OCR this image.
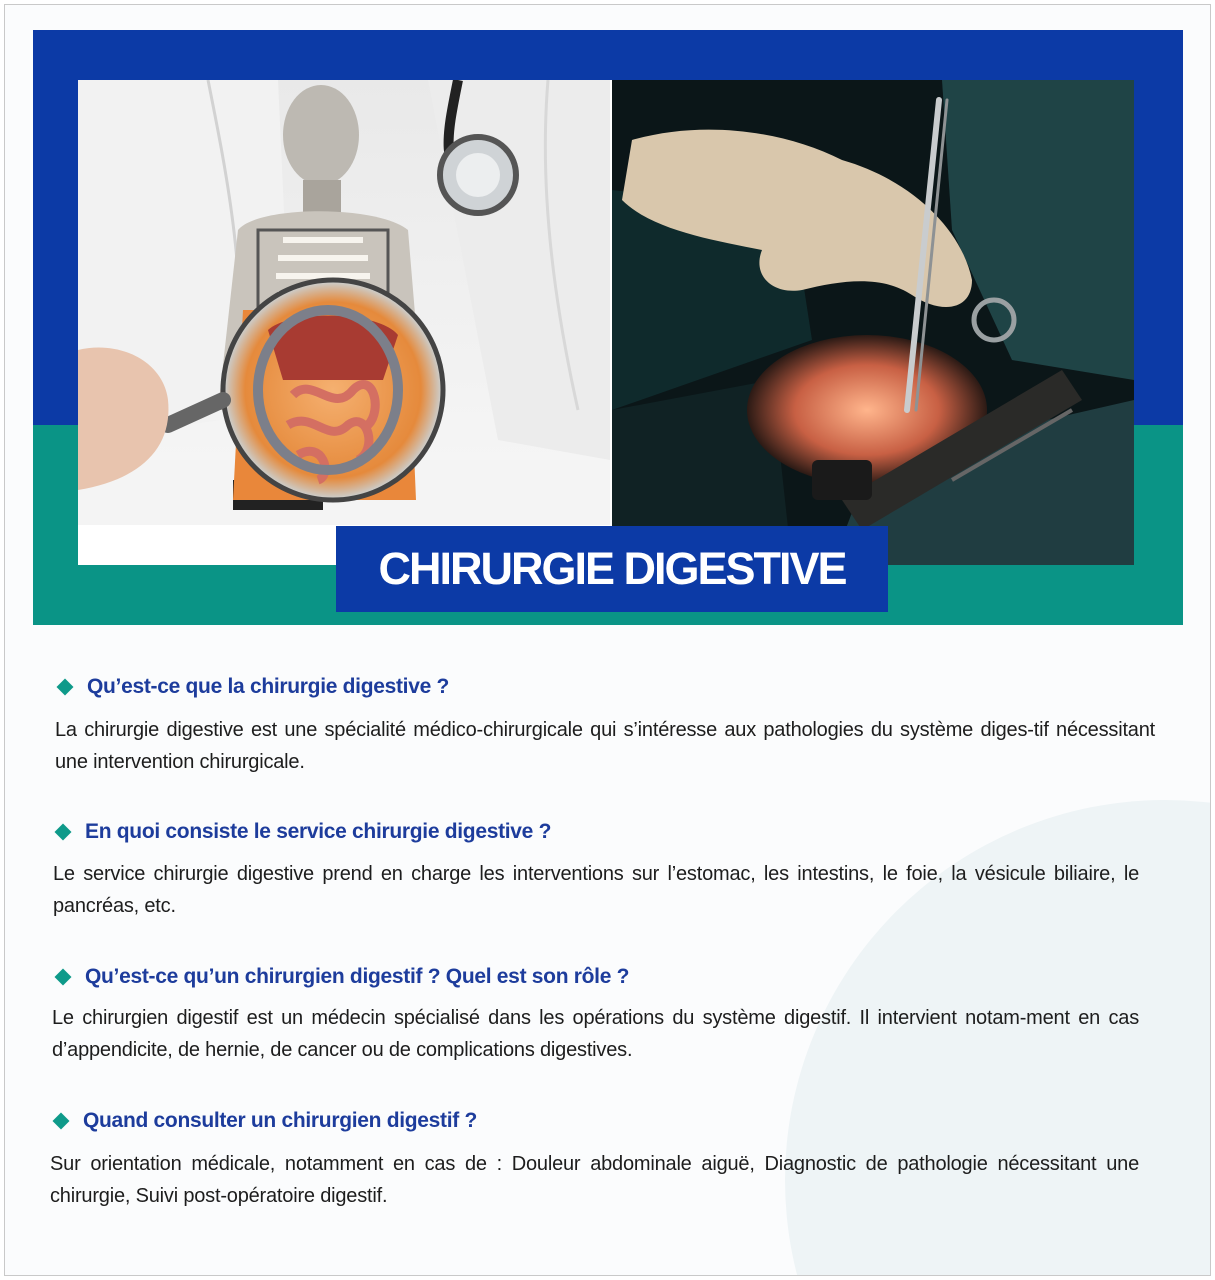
CHIRURGIE DIGESTIVE
Qu’est-ce que la chirurgie digestive ?
La chirurgie digestive est une spécialité médico-chirurgicale qui s’intéresse aux pathologies du système diges-tif nécessitant une intervention chirurgicale.
En quoi consiste le service chirurgie digestive ?
Le service chirurgie digestive prend en charge les interventions sur l’estomac, les intestins, le foie, la vésicule biliaire, le pancréas, etc.
Qu’est-ce qu’un chirurgien digestif ? Quel est son rôle ?
Le chirurgien digestif est un médecin spécialisé dans les opérations du système digestif. Il intervient notam-ment en cas d’appendicite, de hernie, de cancer ou de complications digestives.
Quand consulter un chirurgien digestif ?
Sur orientation médicale, notamment en cas de : Douleur abdominale aiguë, Diagnostic de pathologie nécessitant une chirurgie, Suivi post-opératoire digestif.
